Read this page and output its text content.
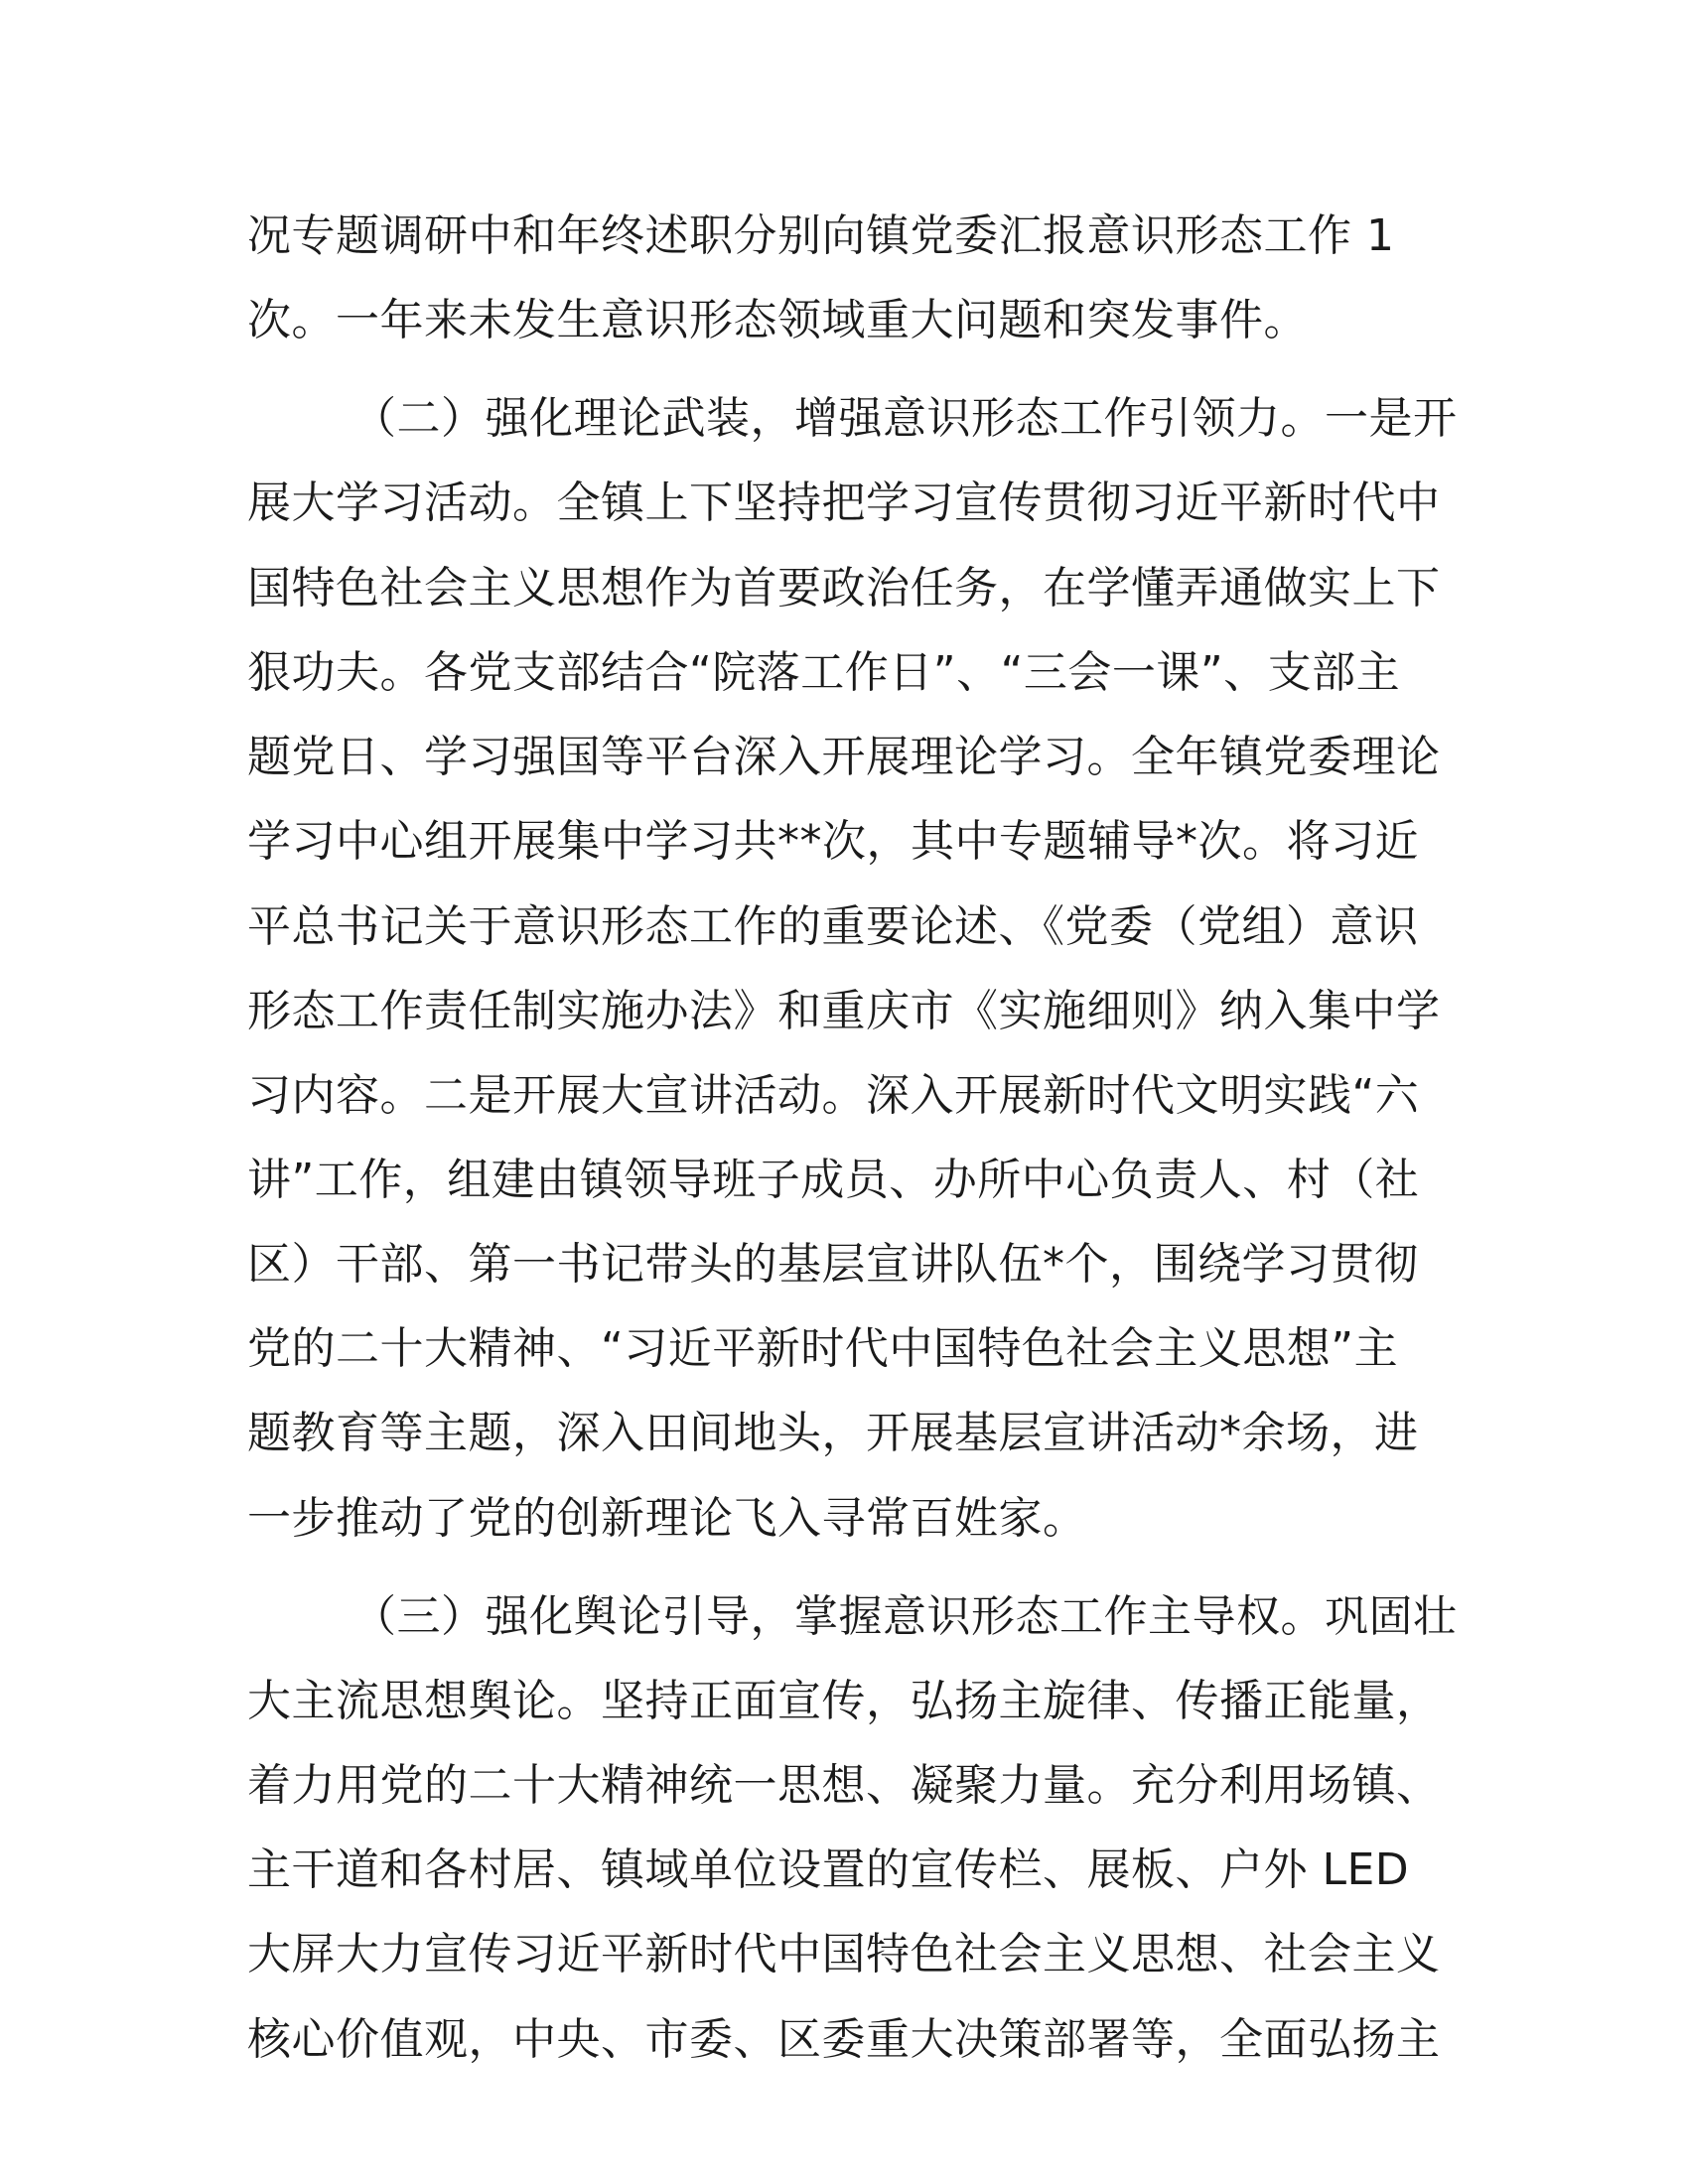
况专题调研中和年终述职分别向镇党委汇报意识形态工作 1
次。一年来未发生意识形态领域重大问题和突发事件。
（二）强化理论武装，增强意识形态工作引领力。一是开
展大学习活动。全镇上下坚持把学习宣传贯彻习近平新时代中
国特色社会主义思想作为首要政治任务，在学懂弄通做实上下
狠功夫。各党支部结合“院落工作日”、“三会一课”、支部主
题党日、学习强国等平台深入开展理论学习。全年镇党委理论
学习中心组开展集中学习共**次，其中专题辅导*次。将习近
平总书记关于意识形态工作的重要论述、《党委（党组）意识
形态工作责任制实施办法》和重庆市《实施细则》纳入集中学
习内容。二是开展大宣讲活动。深入开展新时代文明实践“六
讲”工作，组建由镇领导班子成员、办所中心负责人、村（社
区）干部、第一书记带头的基层宣讲队伍*个，围绕学习贯彻
党的二十大精神、“习近平新时代中国特色社会主义思想”主
题教育等主题，深入田间地头，开展基层宣讲活动*余场，进
一步推动了党的创新理论飞入寻常百姓家。
（三）强化舆论引导，掌握意识形态工作主导权。巩固壮
大主流思想舆论。坚持正面宣传，弘扬主旋律、传播正能量，
着力用党的二十大精神统一思想、凝聚力量。充分利用场镇、
主干道和各村居、镇域单位设置的宣传栏、展板、户外 LED
大屏大力宣传习近平新时代中国特色社会主义思想、社会主义
核心价值观，中央、市委、区委重大决策部署等，全面弘扬主
